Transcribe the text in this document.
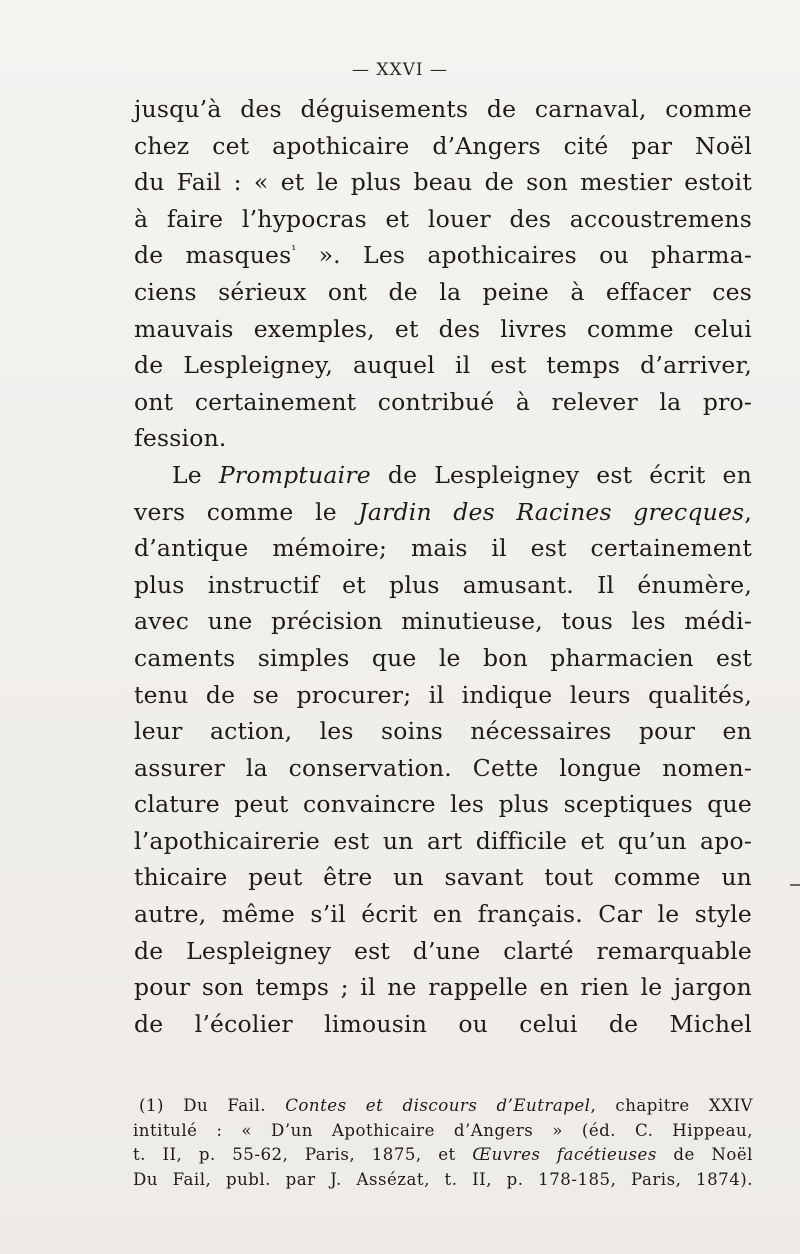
— XXVI —
jusqu’à des déguisements de carnaval, comme
chez cet apothicaire d’Angers cité par Noël
du Fail : « et le plus beau de son mestier estoit
à faire l’hypocras et louer des accoustremens
de masques$^{^1}$ ». Les apothicaires ou pharma-
ciens sérieux ont de la peine à effacer ces
mauvais exemples, et des livres comme celui
de Lespleigney, auquel il est temps d’arriver,
ont certainement contribué à relever la pro-
fession.
Le Promptuaire de Lespleigney est écrit en
vers comme le Jardin des Racines grecques,
d’antique mémoire; mais il est certainement
plus instructif et plus amusant. Il énumère,
avec une précision minutieuse, tous les médi-
caments simples que le bon pharmacien est
tenu de se procurer; il indique leurs qualités,
leur action, les soins nécessaires pour en
assurer la conservation. Cette longue nomen-
clature peut convaincre les plus sceptiques que
l’apothicairerie est un art difficile et qu’un apo-
thicaire peut être un savant tout comme un
autre, même s’il écrit en français. Car le style
de Lespleigney est d’une clarté remarquable
pour son temps ; il ne rappelle en rien le jargon
de l’écolier limousin ou celui de Michel
(1) Du Fail. Contes et discours d’Eutrapel, chapitre XXIV
intitulé : « D’un Apothicaire d’Angers » (éd. C. Hippeau,
t. II, p. 55-62, Paris, 1875, et Œuvres facétieuses de Noël
Du Fail, publ. par J. Assézat, t. II, p. 178-185, Paris, 1874).
